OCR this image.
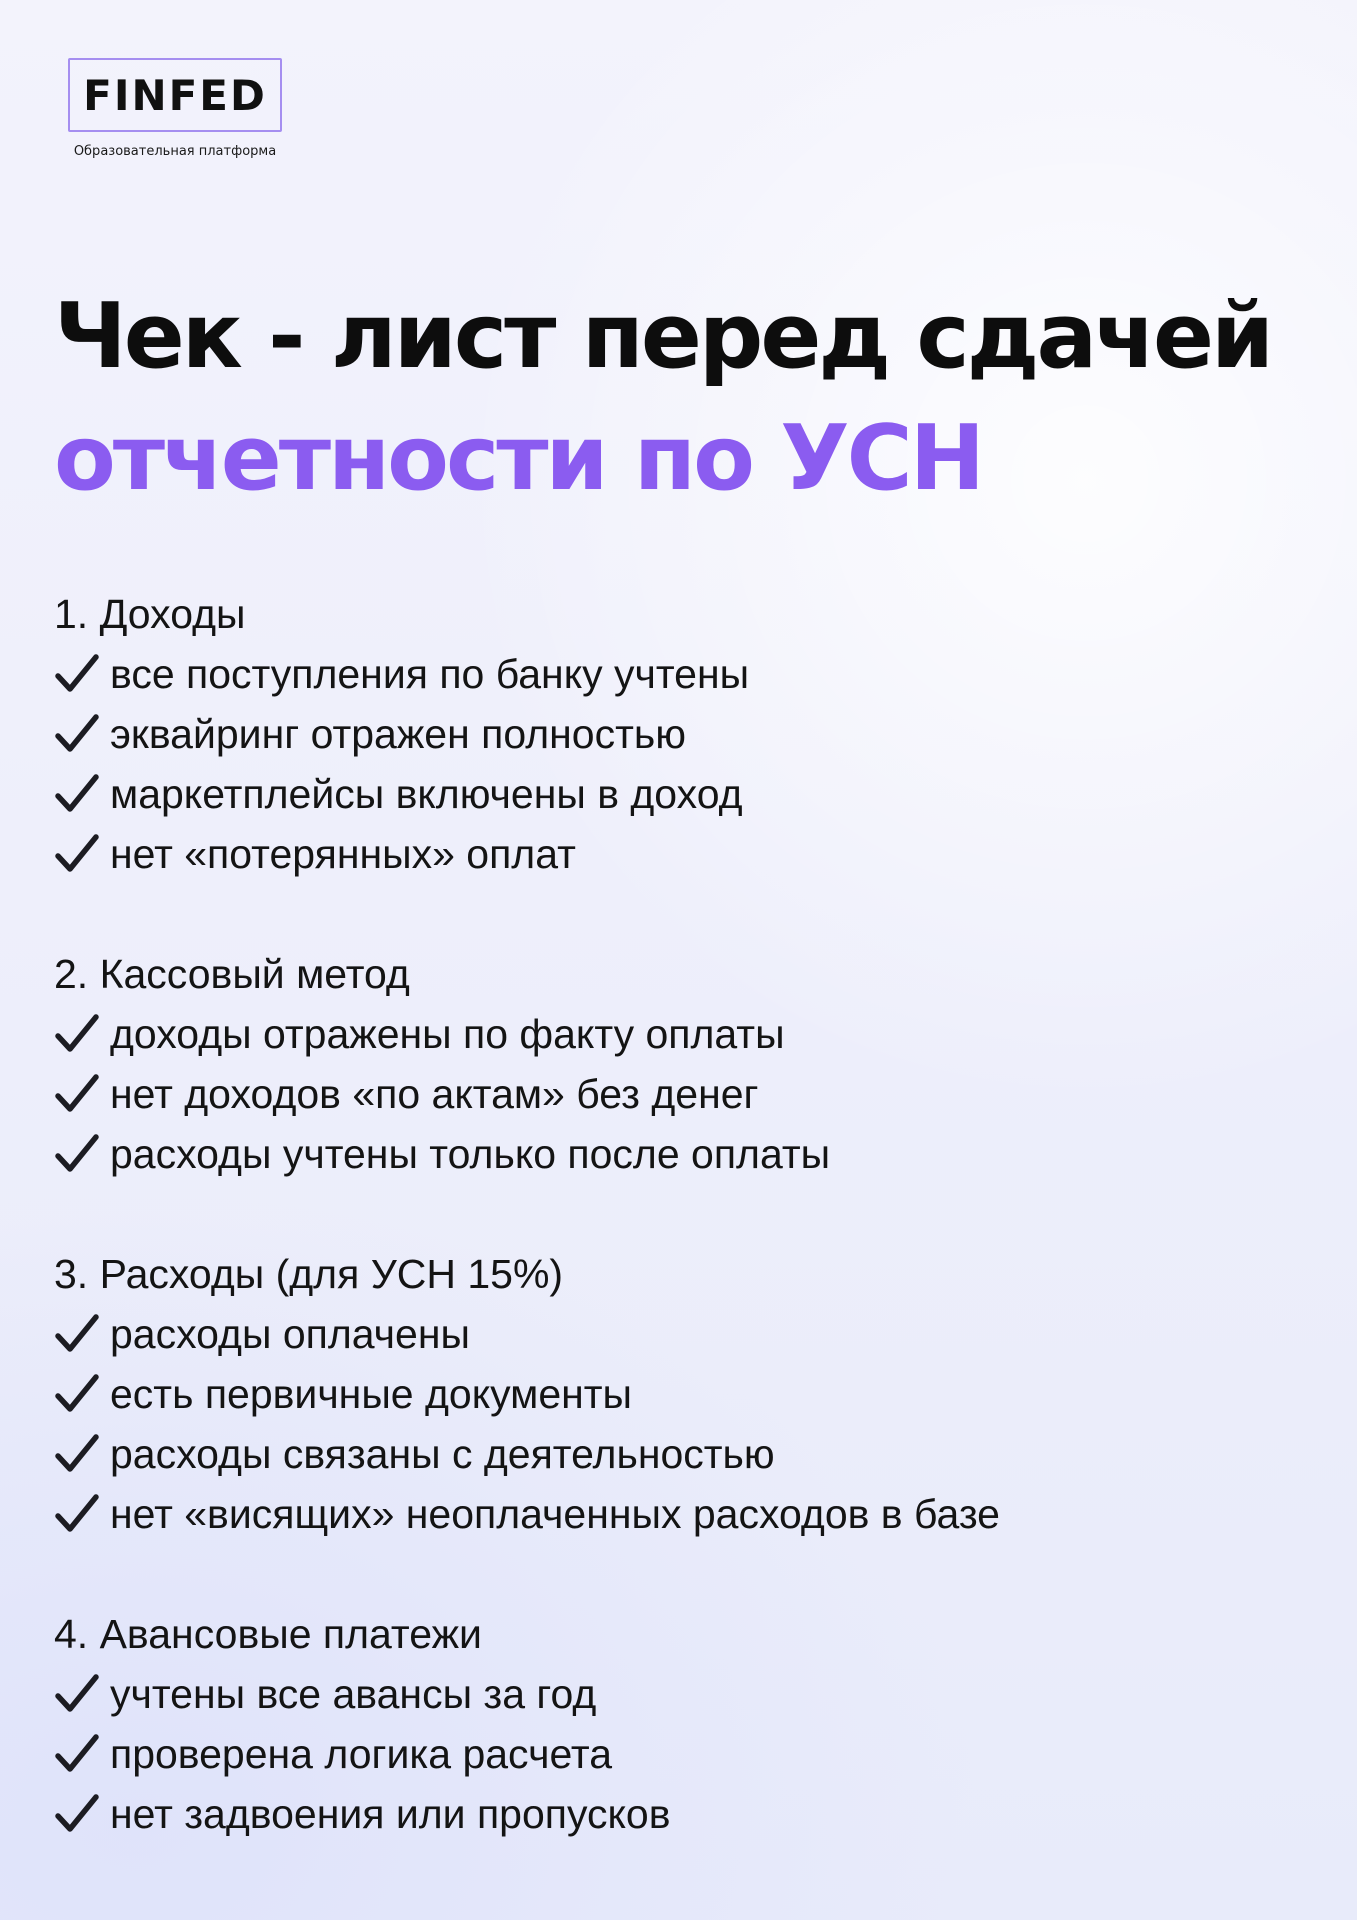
FINFED
Образовательная платформа
Чек - лист перед сдачей
отчетности по УСН
1. Доходы
все поступления по банку учтены
эквайринг отражен полностью
маркетплейсы включены в доход
нет «потерянных» оплат
2. Кассовый метод
доходы отражены по факту оплаты
нет доходов «по актам» без денег
расходы учтены только после оплаты
3. Расходы (для УСН 15%)
расходы оплачены
есть первичные документы
расходы связаны с деятельностью
нет «висящих» неоплаченных расходов в базе
4. Авансовые платежи
учтены все авансы за год
проверена логика расчета
нет задвоения или пропусков
